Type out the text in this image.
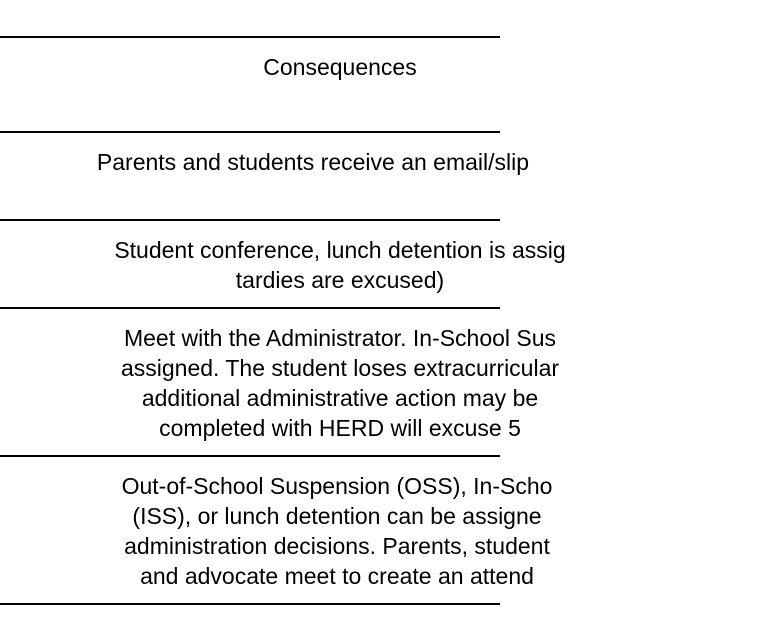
Consequences
Parents and students receive an email/slip
Student conference, lunch detention is assig
tardies are excused)
Meet with the Administrator. In-School Sus
assigned. The student loses extracurricular
additional administrative action may be
completed with HERD will excuse 5
Out-of-School Suspension (OSS), In-Scho
(ISS), or lunch detention can be assigne
administration decisions. Parents, student
and advocate meet to create an attend
